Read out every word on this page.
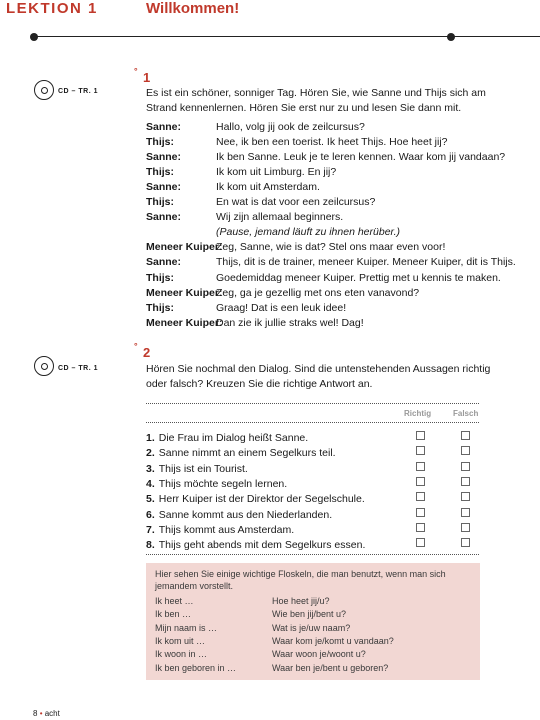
LEKTION 1	Willkommen!
CD – TR. 1
° 1
Es ist ein schöner, sonniger Tag. Hören Sie, wie Sanne und Thijs sich am
Strand kennenlernen. Hören Sie erst nur zu und lesen Sie dann mit.
Sanne:	Hallo, volg jij ook de zeilcursus?
Thijs:	Nee, ik ben een toerist. Ik heet Thijs. Hoe heet jij?
Sanne:	Ik ben Sanne. Leuk je te leren kennen. Waar kom jij vandaan?
Thijs:	Ik kom uit Limburg. En jij?
Sanne:	Ik kom uit Amsterdam.
Thijs:	En wat is dat voor een zeilcursus?
Sanne:	Wij zijn allemaal beginners.
(Pause, jemand läuft zu ihnen herüber.)
Meneer Kuiper:
Zeg, Sanne, wie is dat? Stel ons maar even voor!
Sanne:	Thijs, dit is de trainer, meneer Kuiper. Meneer Kuiper, dit is Thijs.
Thijs:	Goedemiddag meneer Kuiper. Prettig met u kennis te maken.
Meneer Kuiper:
Zeg, ga je gezellig met ons eten vanavond?
Thijs:	Graag! Dat is een leuk idee!
Meneer Kuiper:
Dan zie ik jullie straks wel! Dag!
CD – TR. 1
° 2
Hören Sie nochmal den Dialog. Sind die untenstehenden Aussagen richtig
oder falsch? Kreuzen Sie die richtige Antwort an.
Richtig	Falsch
1. Die Frau im Dialog heißt Sanne.
2. Sanne nimmt an einem Segelkurs teil.
3. Thijs ist ein Tourist.
4. Thijs möchte segeln lernen.
5. Herr Kuiper ist der Direktor der Segelschule.
6. Sanne kommt aus den Niederlanden.
7. Thijs kommt aus Amsterdam.
8. Thijs geht abends mit dem Segelkurs essen.
Hier sehen Sie einige wichtige Floskeln, die man benutzt, wenn man sich
jemandem vorstellt.
Ik heet …	Hoe heet jij/u?
Ik ben …	Wie ben jij/bent u?
Mijn naam is …	Wat is je/uw naam?
Ik kom uit …	Waar kom je/komt u vandaan?
Ik woon in …	Waar woon je/woont u?
Ik ben geboren in …	Waar ben je/bent u geboren?
8 • acht
